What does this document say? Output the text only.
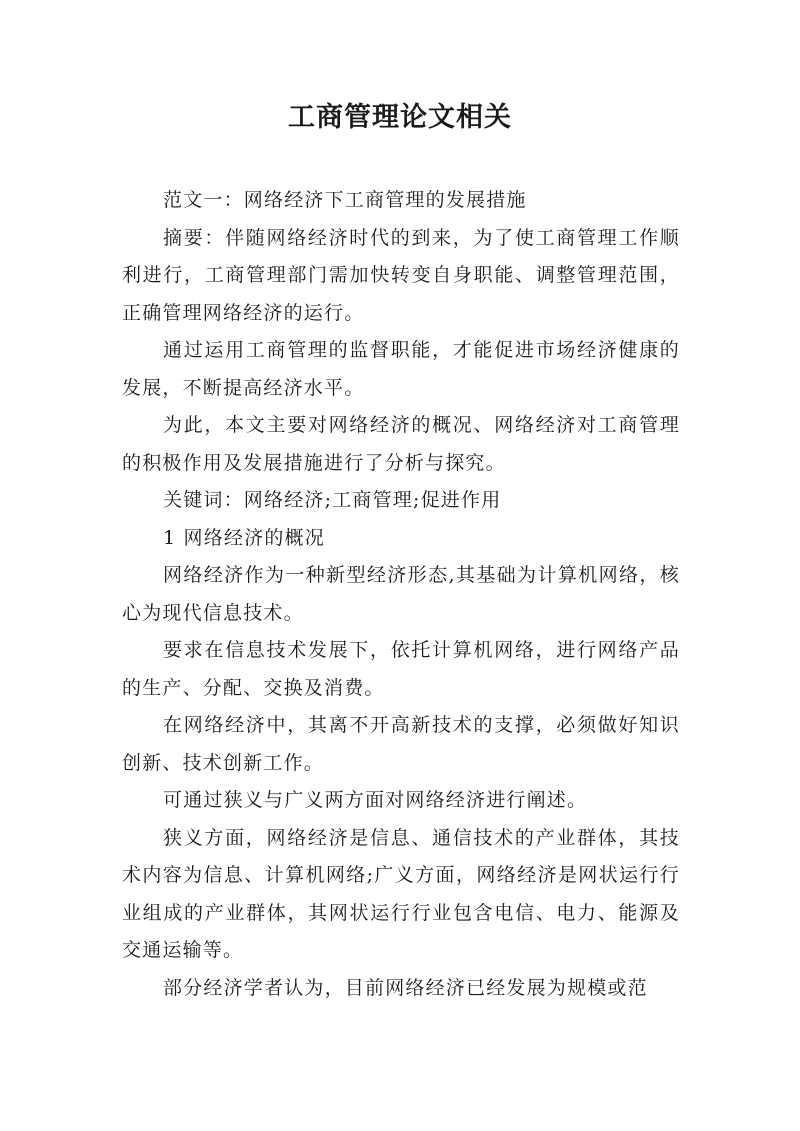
工商管理论文相关

范文一：网络经济下工商管理的发展措施

摘要：伴随网络经济时代的到来，为了使工商管理工作顺利进行，工商管理部门需加快转变自身职能、调整管理范围，正确管理网络经济的运行。

通过运用工商管理的监督职能，才能促进市场经济健康的发展，不断提高经济水平。

为此，本文主要对网络经济的概况、网络经济对工商管理的积极作用及发展措施进行了分析与探究。

关键词：网络经济;工商管理;促进作用

1 网络经济的概况

网络经济作为一种新型经济形态,其基础为计算机网络，核心为现代信息技术。

要求在信息技术发展下，依托计算机网络，进行网络产品的生产、分配、交换及消费。

在网络经济中，其离不开高新技术的支撑，必须做好知识创新、技术创新工作。

可通过狭义与广义两方面对网络经济进行阐述。

狭义方面，网络经济是信息、通信技术的产业群体，其技术内容为信息、计算机网络;广义方面，网络经济是网状运行行业组成的产业群体，其网状运行行业包含电信、电力、能源及交通运输等。

部分经济学者认为，目前网络经济已经发展为规模或范
